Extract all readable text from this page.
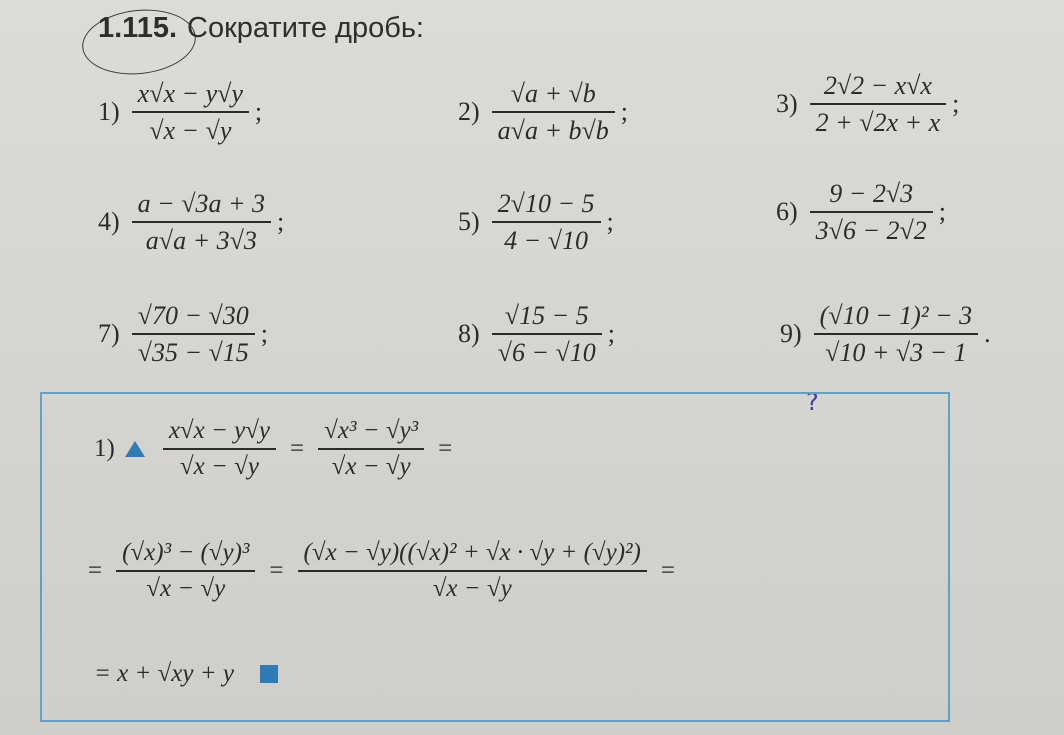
1.115. Сократите дробь:
$1) \frac{x√x - y√y}{√x - √y}$ ;	$2) \frac{√a + √b}{a√a + b√b}$ ;	$3) \frac{2√2 - x√x}{2 + √2x + x}$ ;
$4) \frac{a - √3a + 3}{a√a + 3√3}$ ;	$5) \frac{2√10 - 5}{4 - √10}$ ;	$6) \frac{9 - 2√3}{3√6 - 2√2}$ ;
$7) \frac{√70 - √30}{√35 - √15}$ ;	$8) \frac{√15 - 5}{√6 - √10}$ ;	$9) \frac{\text{(√10 − 1)² − 3}}{√10 + √3 - 1}$ .
?
$1) \frac{x√x - y√y}{√x - √y} = \frac{\text{√x³ − √y³}}{√x - √y}$ =
= $\frac{\text{(√x)³ − (√y)³}}{√x - √y} = \frac{\text{(√x − √y)((√x)² + √x · √y + (√y)²)}}{√x - √y}$ =
= x + √xy + y
